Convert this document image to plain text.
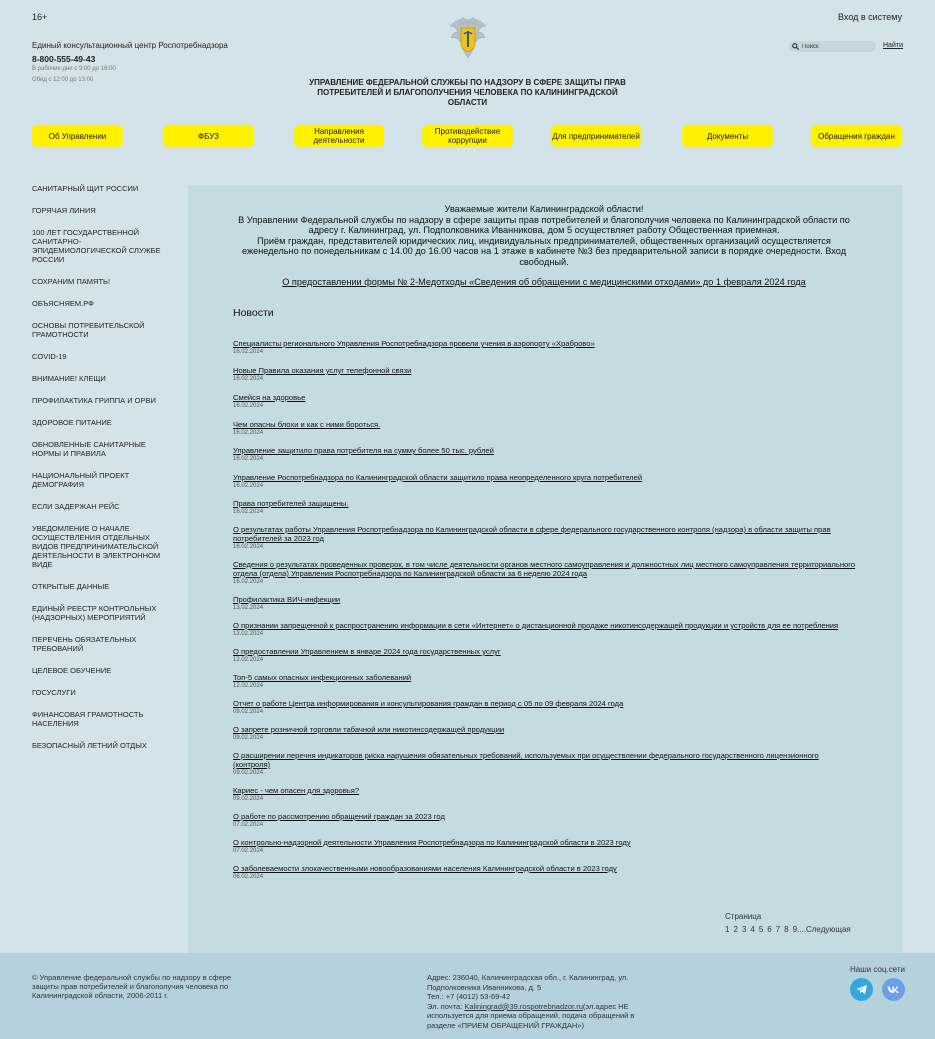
16+	Вход в систему
Единый консультационный центр Роспотребнадзора
8-800-555-49-43
В рабочие дни с 9:00 до 16:00
Обед с 12:00 до 13:00	УПРАВЛЕНИЕ ФЕДЕРАЛЬНОЙ СЛУЖБЫ ПО НАДЗОРУ В СФЕРЕ ЗАЩИТЫ ПРАВ ПОТРЕБИТЕЛЕЙ И БЛАГОПОЛУЧЕНИЯ ЧЕЛОВЕКА ПО КАЛИНИНГРАДСКОЙ ОБЛАСТИ
Поиск
Найти
Об Управлении	ФБУЗ	Направления деятельности
Противодействие коррупции	Для предпринимателей	Документы	Обращения граждан
САНИТАРНЫЙ ЩИТ РОССИИ
ГОРЯЧАЯ ЛИНИЯ
100 ЛЕТ ГОСУДАРСТВЕННОЙ САНИТАРНО-ЭПИДЕМИОЛОГИЧЕСКОЙ СЛУЖБЕ РОССИИ
СОХРАНИМ ПАМЯТЬ!
ОБЪЯСНЯЕМ.РФ
ОСНОВЫ ПОТРЕБИТЕЛЬСКОЙ ГРАМОТНОСТИ
COVID-19
ВНИМАНИЕ! КЛЕЩИ
ПРОФИЛАКТИКА ГРИППА И ОРВИ
ЗДОРОВОЕ ПИТАНИЕ
ОБНОВЛЕННЫЕ САНИТАРНЫЕ НОРМЫ И ПРАВИЛА
НАЦИОНАЛЬНЫЙ ПРОЕКТ ДЕМОГРАФИЯ
ЕСЛИ ЗАДЕРЖАН РЕЙС
УВЕДОМЛЕНИЕ О НАЧАЛЕ ОСУЩЕСТВЛЕНИЯ ОТДЕЛЬНЫХ ВИДОВ ПРЕДПРИНИМАТЕЛЬСКОЙ ДЕЯТЕЛЬНОСТИ В ЭЛЕКТРОННОМ ВИДЕ
ОТКРЫТЫЕ ДАННЫЕ
ЕДИНЫЙ РЕЕСТР КОНТРОЛЬНЫХ (НАДЗОРНЫХ) МЕРОПРИЯТИЙ
ПЕРЕЧЕНЬ ОБЯЗАТЕЛЬНЫХ ТРЕБОВАНИЙ
ЦЕЛЕВОЕ ОБУЧЕНИЕ
ГОСУСЛУГИ
ФИНАНСОВАЯ ГРАМОТНОСТЬ НАСЕЛЕНИЯ
БЕЗОПАСНЫЙ ЛЕТНИЙ ОТДЫХ
Уважаемые жители Калининградской области!
В Управлении Федеральной службы по надзору в сфере защиты прав потребителей и благополучия человека по Калининградской области по адресу г. Калининград, ул. Подполковника Иванникова, дом 5 осуществляет работу Общественная приемная.
Приём граждан, представителей юридических лиц, индивидуальных предпринимателей, общественных организаций осуществляется еженедельно по понедельникам с 14.00 до 16.00 часов на 1 этаже в кабинете №3 без предварительной записи в порядке очередности. Вход свободный.
О предоставлении формы № 2-Медотходы «Сведения об обращении с медицинскими отходами» до 1 февраля 2024 года
Новости
Специалисты регионального Управления Роспотребнадзора провели учения в аэропорту «Храброво»
16.02.2024
Новые Правила оказания услуг телефонной связи
16.02.2024
Смейся на здоровье
16.02.2024
Чем опасны блохи и как с ними бороться.
16.02.2024
Управление защитило права потребителя на сумму более 50 тыс. рублей
16.02.2024
Управление Роспотребнадзора по Калининградской области защитило права неопределенного круга потребителей
16.02.2024
Права потребителей защищены.
16.02.2024
О результатах работы Управления Роспотребнадзора по Калининградской области в сфере федерального государственного контроля (надзора) в области защиты прав потребителей за 2023 год
16.02.2024
Сведения о результатах проведенных проверок, в том числе деятельности органов местного самоуправления и должностных лиц местного самоуправления территориального отдела (отдела) Управления Роспотребнадзора по Калининградской области за 6 неделю 2024 года
16.02.2024
Профилактика ВИЧ-инфекции
13.02.2024
О признании запрещенной к распространению информации в сети «Интернет» о дистанционной продаже никотинсодержащей продукции и устройств для ее потребления
13.02.2024
О предоставлении Управлением в январе 2024 года государственных услуг
12.02.2024
Топ-5 самых опасных инфекционных заболеваний
12.02.2024
Отчет о работе Центра информирования и консультирования граждан в период с 05 по 09 февраля 2024 года
09.02.2024
О запрете розничной торговли табачной или никотинсодержащей продукции
09.02.2024
О расширении перечня индикаторов риска нарушения обязательных требований, используемых при осуществлении федерального государственного лицензионного (контроля)
09.02.2024
Кариес - чем опасен для здоровья?
09.02.2024
О работе по рассмотрению обращений граждан за 2023 год
07.02.2024
О контрольно-надзорной деятельности Управления Роспотребнадзора по Калининградской области в 2023 году
07.02.2024
О заболеваемости злокачественными новообразованиями населения Калининградской области в 2023 году
06.02.2024
Страница
1 2 3 4 5 6 7 8 9.... Следующая
© Управление федеральной службы по надзору в сфере защиты прав потребителей и благополучия человека по Калининградской области, 2006-2011 г.
Адрес: 236040, Калининградская обл., г. Калининград, ул. Подполковника Иванникова, д. 5
Тел.: +7 (4012) 53-69-42
Эл. почта: Kaliningrad@39.rospotrebnadzor.ru(эл.адрес НЕ используется для приема обращений, подача обращений в разделе «ПРИЕМ ОБРАЩЕНИЙ ГРАЖДАН»)
Наши соц.сети
